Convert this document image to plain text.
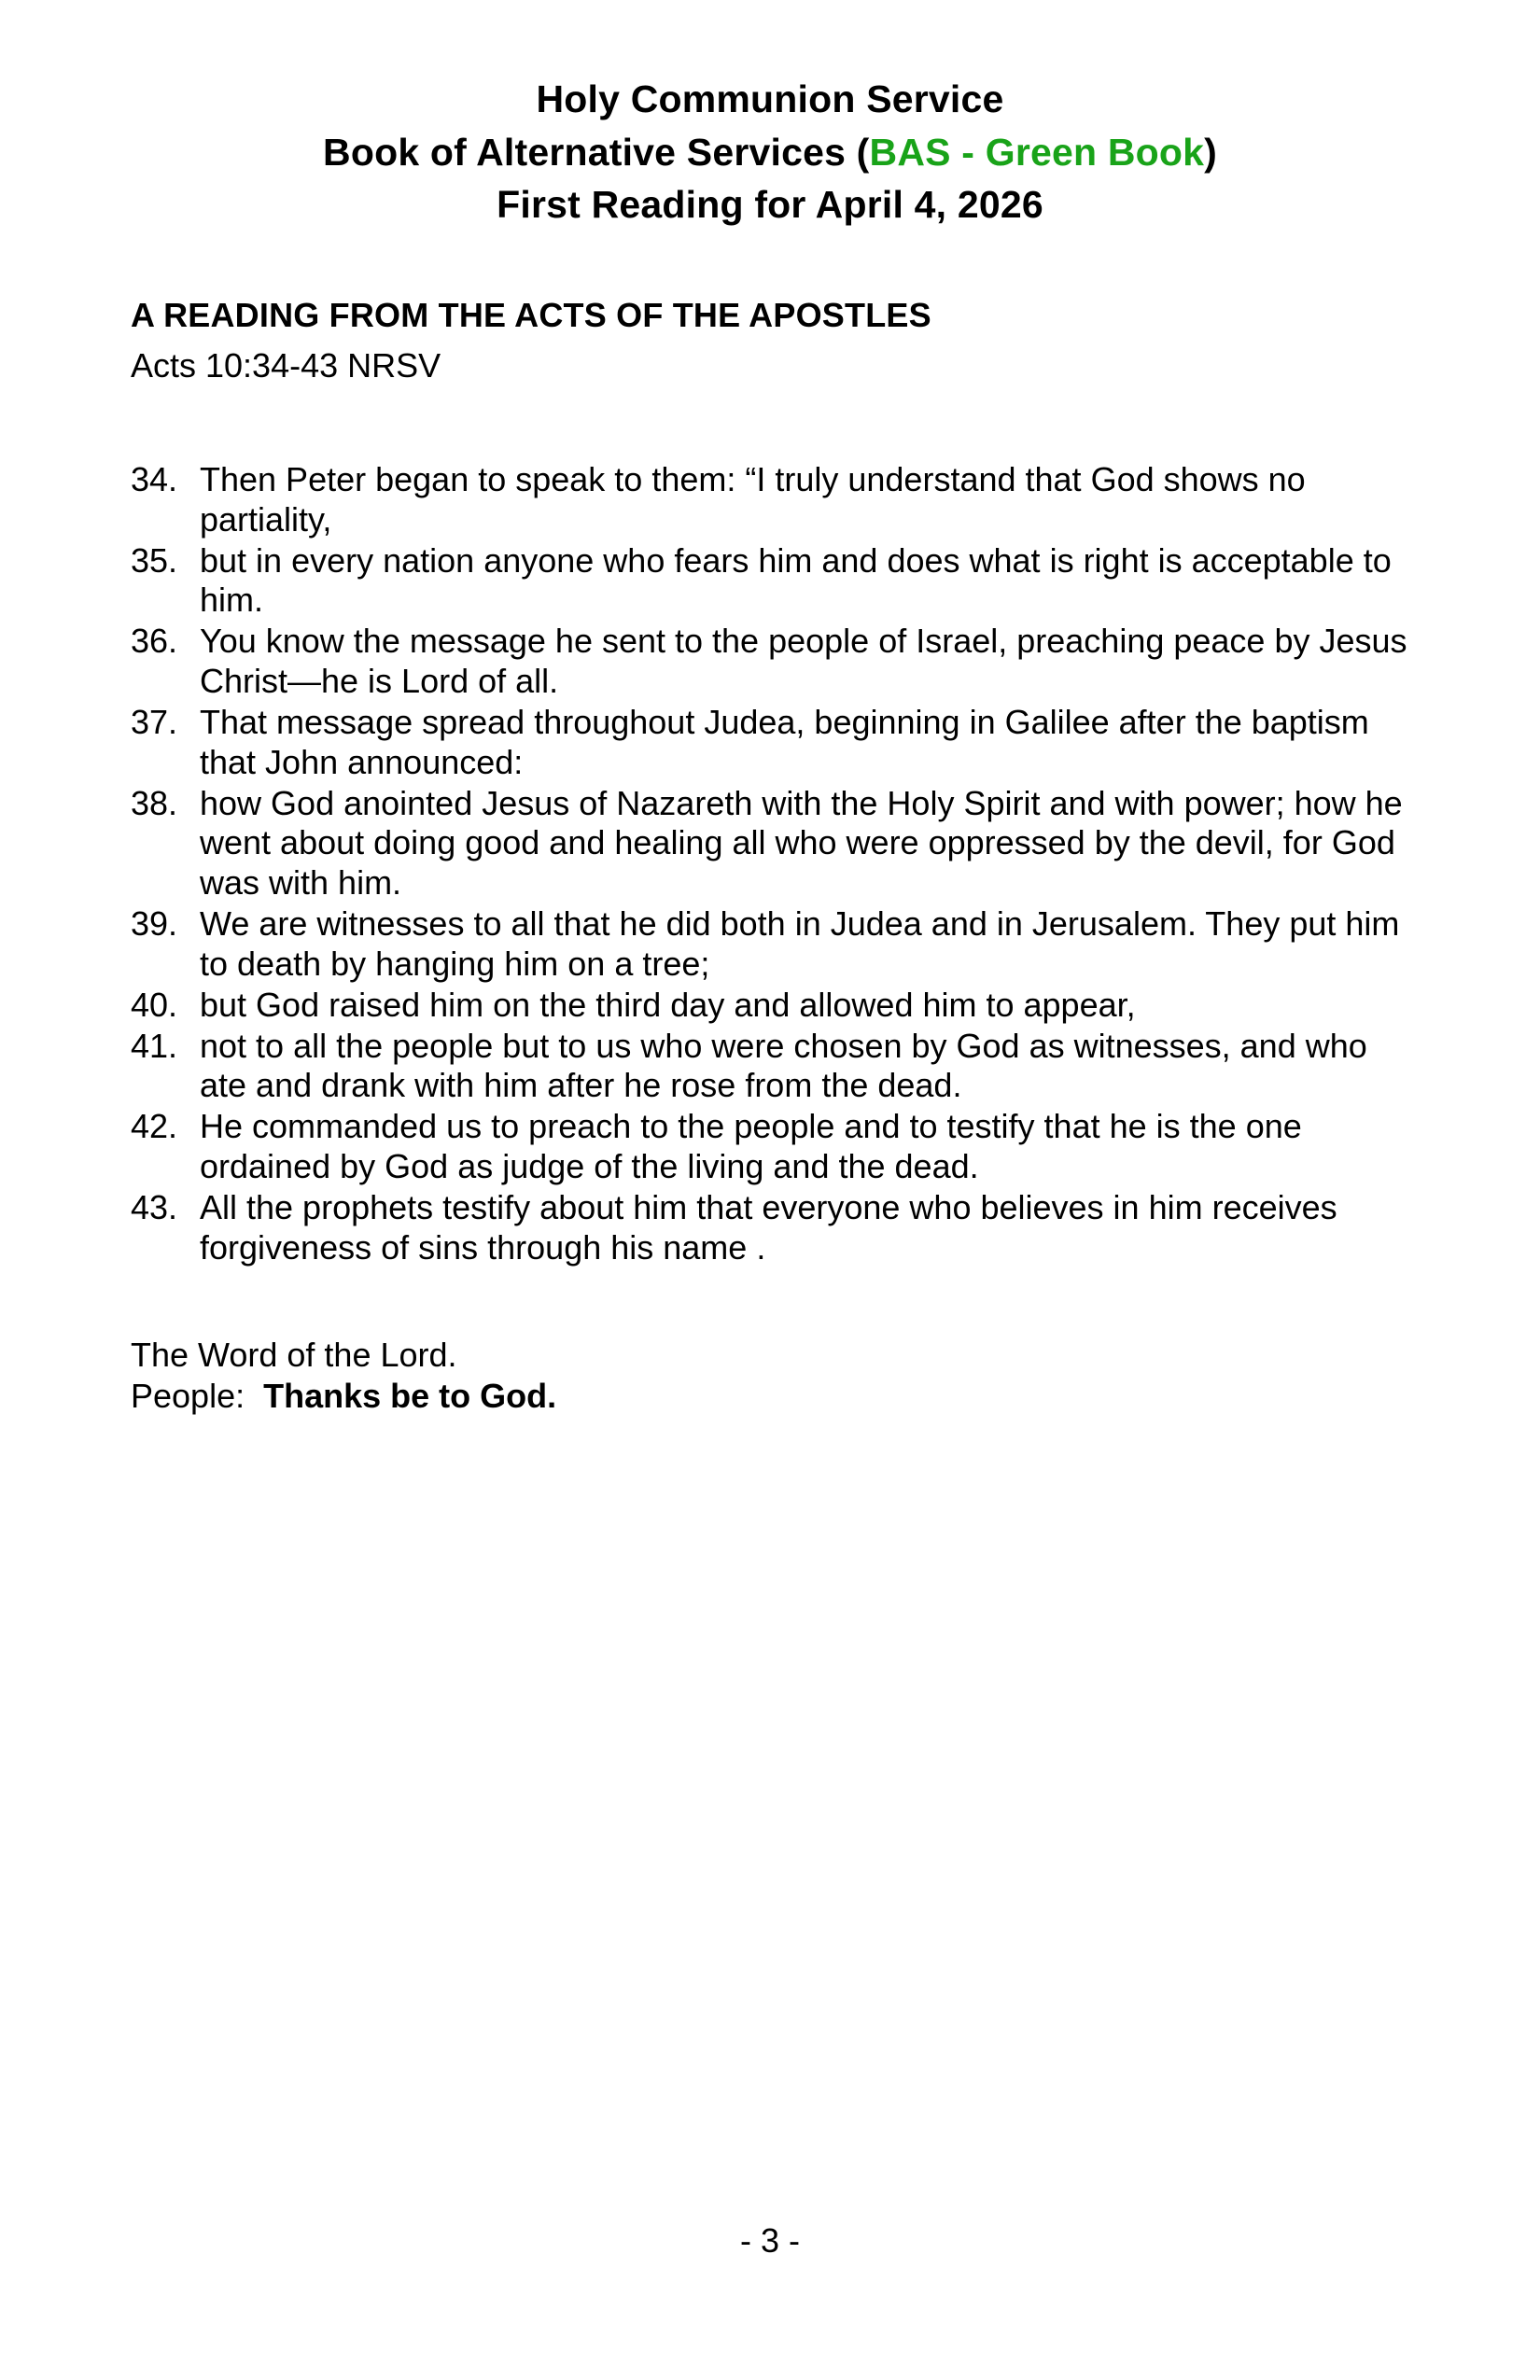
Holy Communion Service
Book of Alternative Services (BAS - Green Book)
First Reading for April 4, 2026
A READING FROM THE ACTS OF THE APOSTLES
Acts 10:34-43 NRSV
34. Then Peter began to speak to them: “I truly understand that God shows no partiality,
35. but in every nation anyone who fears him and does what is right is acceptable to him.
36. You know the message he sent to the people of Israel, preaching peace by Jesus Christ—he is Lord of all.
37. That message spread throughout Judea, beginning in Galilee after the baptism that John announced:
38. how God anointed Jesus of Nazareth with the Holy Spirit and with power; how he went about doing good and healing all who were oppressed by the devil, for God was with him.
39. We are witnesses to all that he did both in Judea and in Jerusalem. They put him to death by hanging him on a tree;
40. but God raised him on the third day and allowed him to appear,
41. not to all the people but to us who were chosen by God as witnesses, and who ate and drank with him after he rose from the dead.
42. He commanded us to preach to the people and to testify that he is the one ordained by God as judge of the living and the dead.
43. All the prophets testify about him that everyone who believes in him receives forgiveness of sins through his name .
The Word of the Lord.
People: Thanks be to God.
- 3 -
